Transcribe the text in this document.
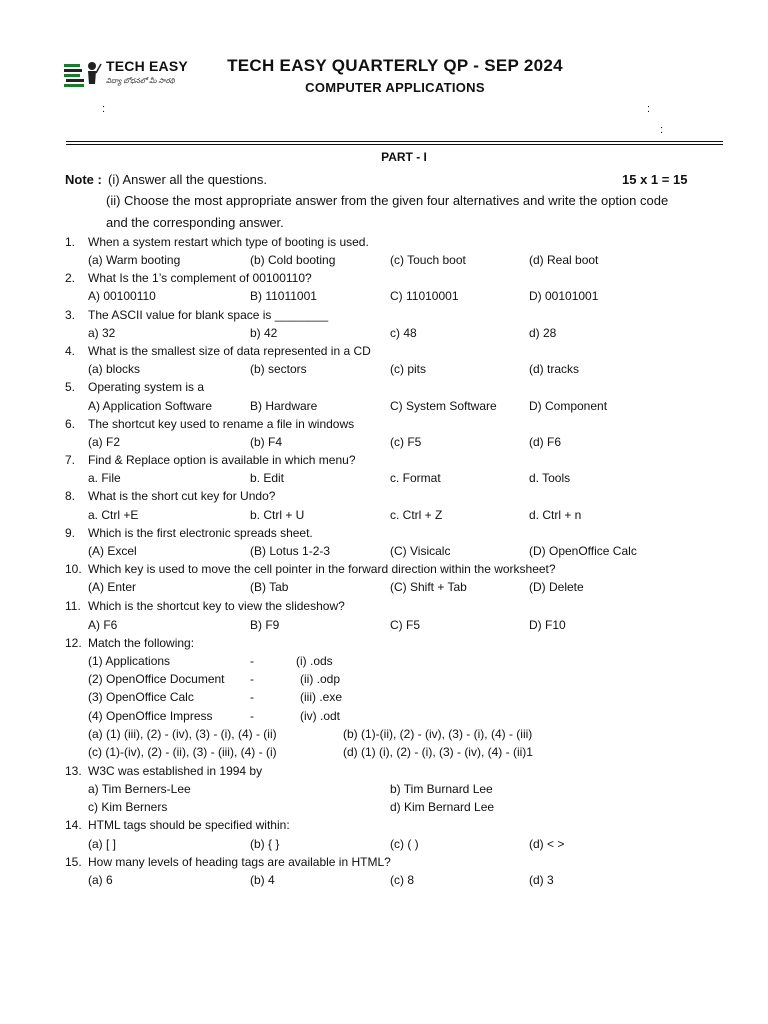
TECH EASY
విద్యా బోధనలో మీ సారథి
TECH EASY QUARTERLY QP - SEP 2024
COMPUTER APPLICATIONS
:	:
:
PART - I
Note : (i) Answer all the questions.	15 x 1 = 15
(ii) Choose the most appropriate answer from the given four alternatives and write the option code
and the corresponding answer.
1.	When a system restart which type of booting is used.
(a) Warm booting	(b) Cold booting	(c) Touch boot	(d) Real boot
2.	What Is the 1’s complement of 00100110?
A) 00100110	B) 11011001	C) 11010001	D) 00101001
3.	The ASCII value for blank space is ________
a) 32	b) 42	c) 48	d) 28
4.	What is the smallest size of data represented in a CD
(a) blocks	(b) sectors	(c) pits	(d) tracks
5.	Operating system is a
A) Application Software	B) Hardware	C) System Software	D) Component
6.	The shortcut key used to rename a file in windows
(a) F2	(b) F4	(c) F5	(d) F6
7.	Find & Replace option is available in which menu?
a. File	b. Edit	c. Format	d. Tools
8.	What is the short cut key for Undo?
a. Ctrl +E	b. Ctrl + U	c. Ctrl + Z	d. Ctrl + n
9.	Which is the first electronic spreads sheet.
(A) Excel	(B) Lotus 1-2-3	(C) Visicalc	(D) OpenOffice Calc
10. Which key is used to move the cell pointer in the forward direction within the worksheet?
(A) Enter	(B) Tab	(C) Shift + Tab	(D) Delete
11. Which is the shortcut key to view the slideshow?
A) F6	B) F9	C) F5	D) F10
12. Match the following:
(1) Applications	-	(i) .ods
(2) OpenOffice Document -	(ii) .odp
(3) OpenOffice Calc	-	(iii) .exe
(4) OpenOffice Impress	-	(iv) .odt
(a) (1) (iii), (2) - (iv), (3) - (i), (4) - (ii)	(b) (1)-(ii), (2) - (iv), (3) - (i), (4) - (iii)
(c) (1)-(iv), (2) - (ii), (3) - (iii), (4) - (i)	(d) (1) (i), (2) - (i), (3) - (iv), (4) - (ii)1
13. W3C was established in 1994 by
a) Tim Berners-Lee	b) Tim Burnard Lee
c) Kim Berners	d) Kim Bernard Lee
14. HTML tags should be specified within:
(a) [ ]	(b) { }	(c) ( )	(d) < >
15. How many levels of heading tags are available in HTML?
(a) 6	(b) 4	(c) 8	(d) 3
